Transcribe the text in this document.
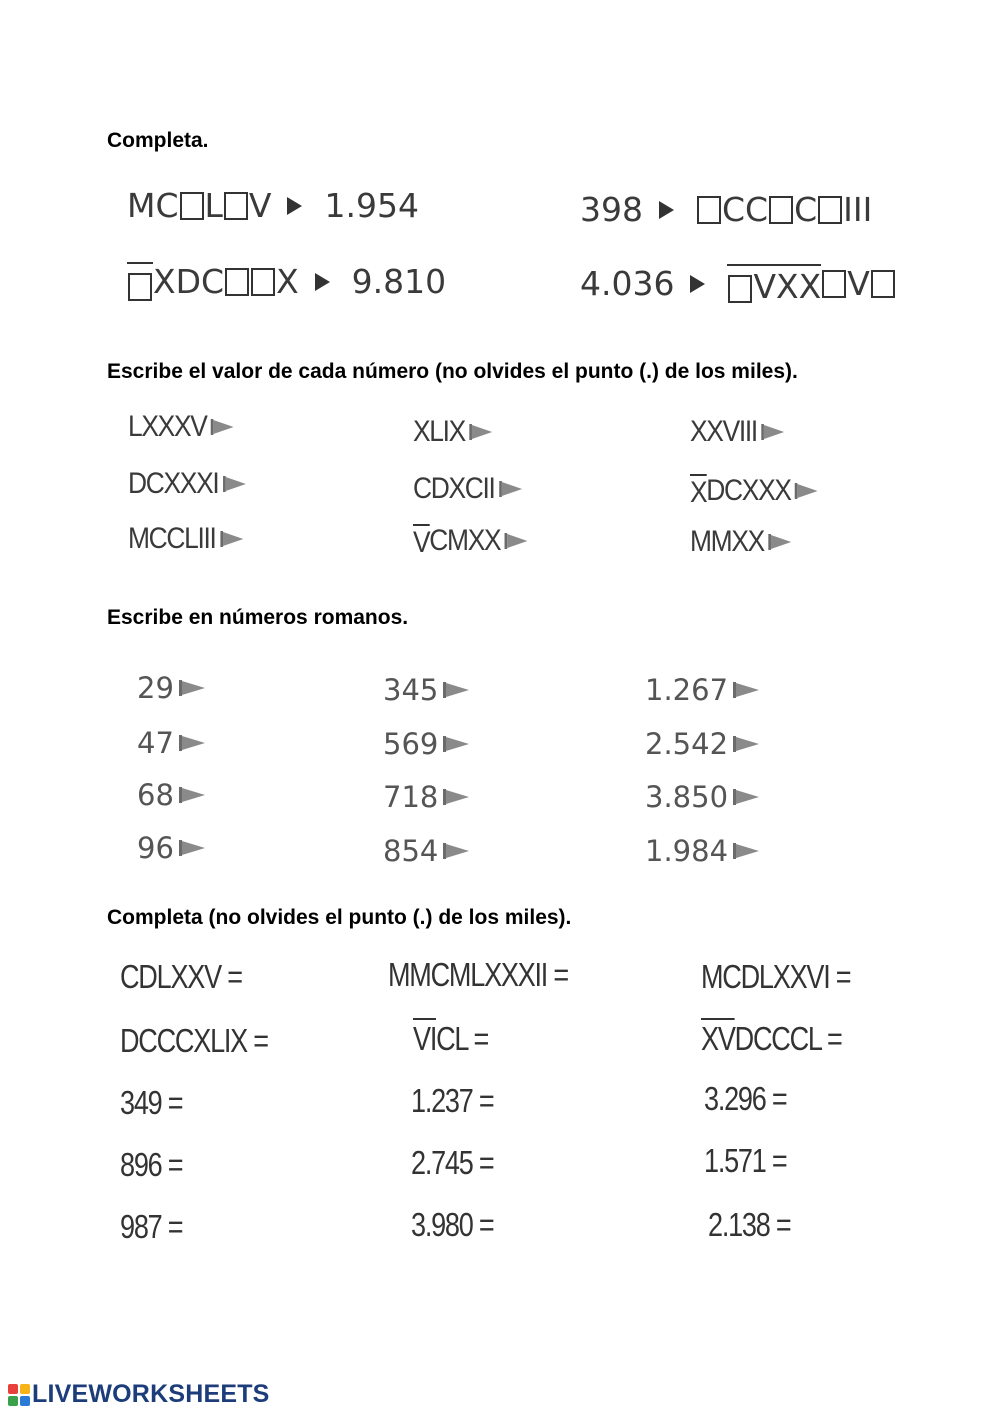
Completa.
MC L V 1.954	398 CC C III
XDC X 9.810	4.036	VXX V
Escribe el valor de cada número (no olvides el punto (.) de los miles).
LXXXV	XLIX	XXVIII
DCXXXI	CDXCII	X DCXXX
MCCLIII	V CMXX	MMXX
Escribe en números romanos.
29	345	1.267
47	569	2.542
68	718	3.850
96	854	1.984
Completa (no olvides el punto (.) de los miles).
CDLXXV =	MMCMLXXXII =	MCDLXXVI =
DCCCXLIX =	VICL =	XVDCCCL =
349 =	1.237 =	3.296 =
896 =	2.745 =	1.571 =
987 =	3.980 =	2.138 =
LIVEWORKSHEETS
